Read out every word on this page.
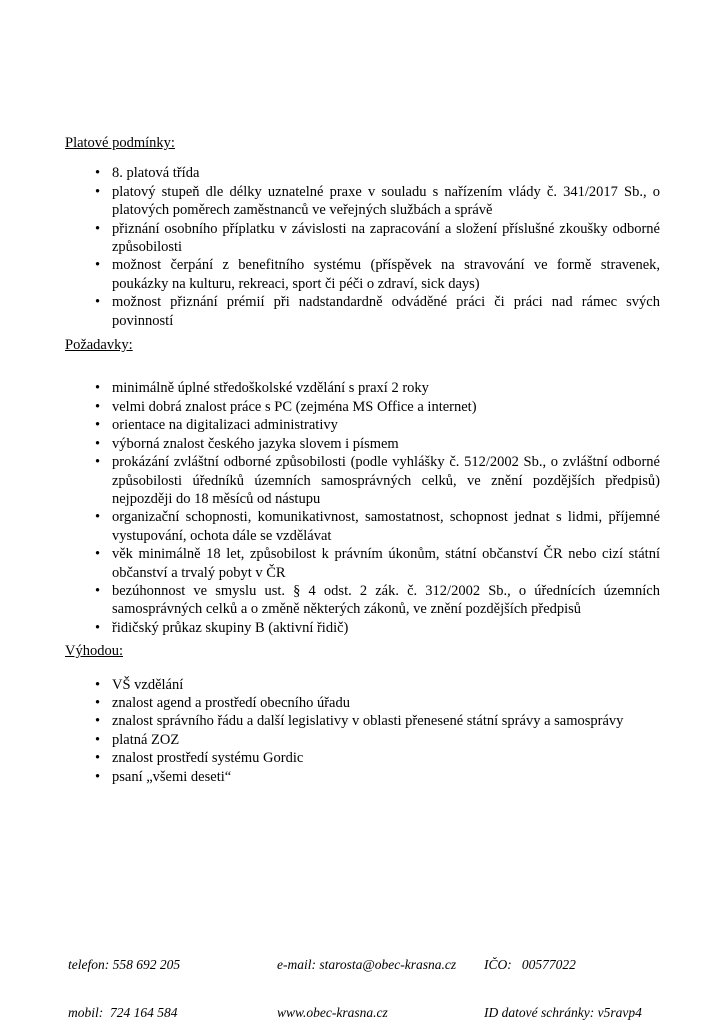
Platové podmínky:
• 8. platová třída
• platový stupeň dle délky uznatelné praxe v souladu s nařízením vlády č. 341/2017 Sb., o platových poměrech zaměstnanců ve veřejných službách a správě
• přiznání osobního příplatku v závislosti na zapracování a složení příslušné zkoušky odborné způsobilosti
• možnost čerpání z benefitního systému (příspěvek na stravování ve formě stravenek, poukázky na kulturu, rekreaci, sport či péči o zdraví, sick days)
• možnost přiznání prémií při nadstandardně odváděné práci či práci nad rámec svých povinností
Požadavky:
• minimálně úplné středoškolské vzdělání s praxí 2 roky
• velmi dobrá znalost práce s PC (zejména MS Office a internet)
• orientace na digitalizaci administrativy
• výborná znalost českého jazyka slovem i písmem
• prokázání zvláštní odborné způsobilosti (podle vyhlášky č. 512/2002 Sb., o zvláštní odborné způsobilosti úředníků územních samosprávných celků, ve znění pozdějších předpisů) nejpozději do 18 měsíců od nástupu
• organizační schopnosti, komunikativnost, samostatnost, schopnost jednat s lidmi, příjemné vystupování, ochota dále se vzdělávat
• věk minimálně 18 let, způsobilost k právním úkonům, státní občanství ČR nebo cizí státní občanství a trvalý pobyt v ČR
• bezúhonnost ve smyslu ust. § 4 odst. 2 zák. č. 312/2002 Sb., o úřednících územních samosprávných celků a o změně některých zákonů, ve znění pozdějších předpisů
• řidičský průkaz skupiny B (aktivní řidič)
Výhodou:
• VŠ vzdělání
• znalost agend a prostředí obecního úřadu
• znalost správního řádu a další legislativy v oblasti přenesené státní správy a samosprávy
• platná ZOZ
• znalost prostředí systému Gordic
• psaní „všemi deseti“

telefon: 558 692 205

mobil:  724 164 584

e-mail: starosta@obec-krasna.cz

www.obec-krasna.cz

IČO:   00577022

ID datové schránky: v5ravp4
